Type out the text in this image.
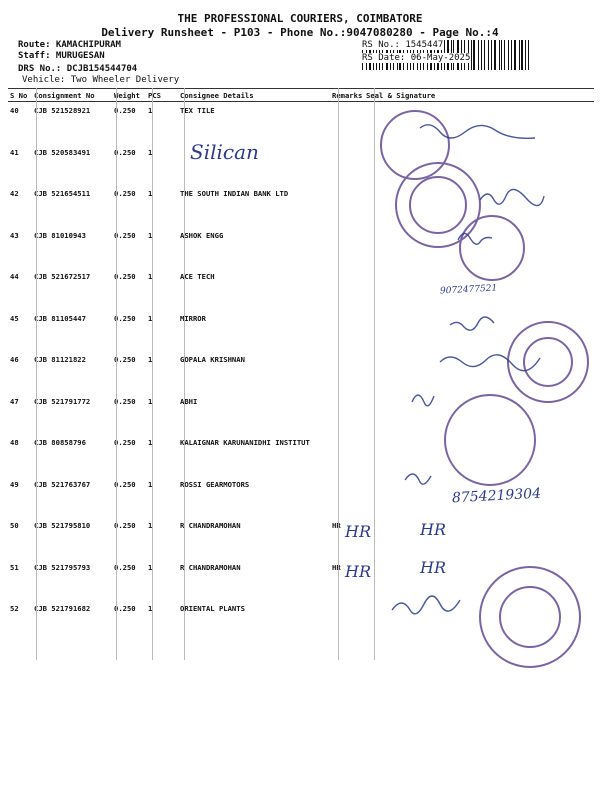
THE PROFESSIONAL COURIERS, COIMBATORE
Delivery Runsheet - P103 - Phone No.:9047080280 - Page No.:4
Route: KAMACHIPURAM
Staff: MURUGESAN
DRS No.: DCJB154544704
Vehicle: Two Wheeler Delivery
RS No.: 1545447
RS Date: 06-May-2025
S No	Consignment No	Weight	PCS	Consignee Details	Remarks	Seal & Signature
40	CJB 521528921	0.250	1	TEX TILE		
41	CJB 520583491	0.250	1			
42	CJB 521654511	0.250	1	THE SOUTH INDIAN BANK LTD		
43	CJB 81010943	0.250	1	ASHOK ENGG		
44	CJB 521672517	0.250	1	ACE TECH		
45	CJB 81105447	0.250	1	MIRROR		
46	CJB 81121822	0.250	1	GOPALA KRISHNAN		
47	CJB 521791772	0.250	1	ABHI		
48	CJB 80858796	0.250	1	KALAIGNAR KARUNANIDHI INSTITUT		
49	CJB 521763767	0.250	1	ROSSI GEARMOTORS		
50	CJB 521795810	0.250	1	R CHANDRAMOHAN	HR	
51	CJB 521795793	0.250	1	R CHANDRAMOHAN	HR	
52	CJB 521791682	0.250	1	ORIENTAL PLANTS		
Silican
9072477521
8754219304
HR	HR
HR	HR
